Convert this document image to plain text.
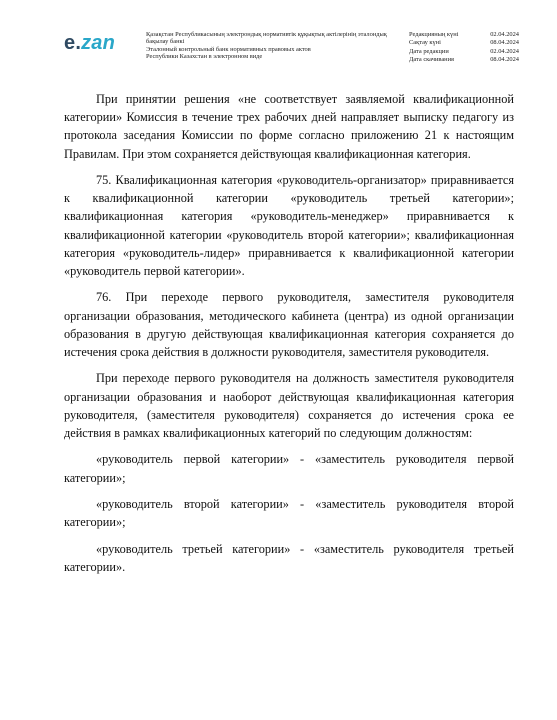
e.zan	Қазақстан Республикасының электрондық нормативтік құқықтық актілерінің эталондық бақылау банкі
Эталонный контрольный банк нормативных правовых актов
Республики Казахстан в электронном виде
Редакцияның күні	02.04.2024
Сақтау күні	08.04.2024
Дата редакции	02.04.2024
Дата скачивания	08.04.2024

При принятии решения «не соответствует заявляемой квалификационной категории» Комиссия в течение трех рабочих дней направляет выписку педагогу из протокола заседания Комиссии по форме согласно приложению 21 к настоящим Правилам. При этом сохраняется действующая квалификационная категория.

75. Квалификационная категория «руководитель-организатор» приравнивается к квалификационной категории «руководитель третьей категории»; квалификационная категория «руководитель-менеджер» приравнивается к квалификационной категории «руководитель второй категории»; квалификационная категория «руководитель-лидер» приравнивается к квалификационной категории «руководитель первой категории».

76. При переходе первого руководителя, заместителя руководителя организации образования, методического кабинета (центра) из одной организации образования в другую действующая квалификационная категория сохраняется до истечения срока действия в должности руководителя, заместителя руководителя.

При переходе первого руководителя на должность заместителя руководителя организации образования и наоборот действующая квалификационная категория руководителя, (заместителя руководителя) сохраняется до истечения срока ее действия в рамках квалификационных категорий по следующим должностям:

«руководитель первой категории» - «заместитель руководителя первой категории»;

«руководитель второй категории» - «заместитель руководителя второй категории»;

«руководитель третьей категории» - «заместитель руководителя третьей категории».
